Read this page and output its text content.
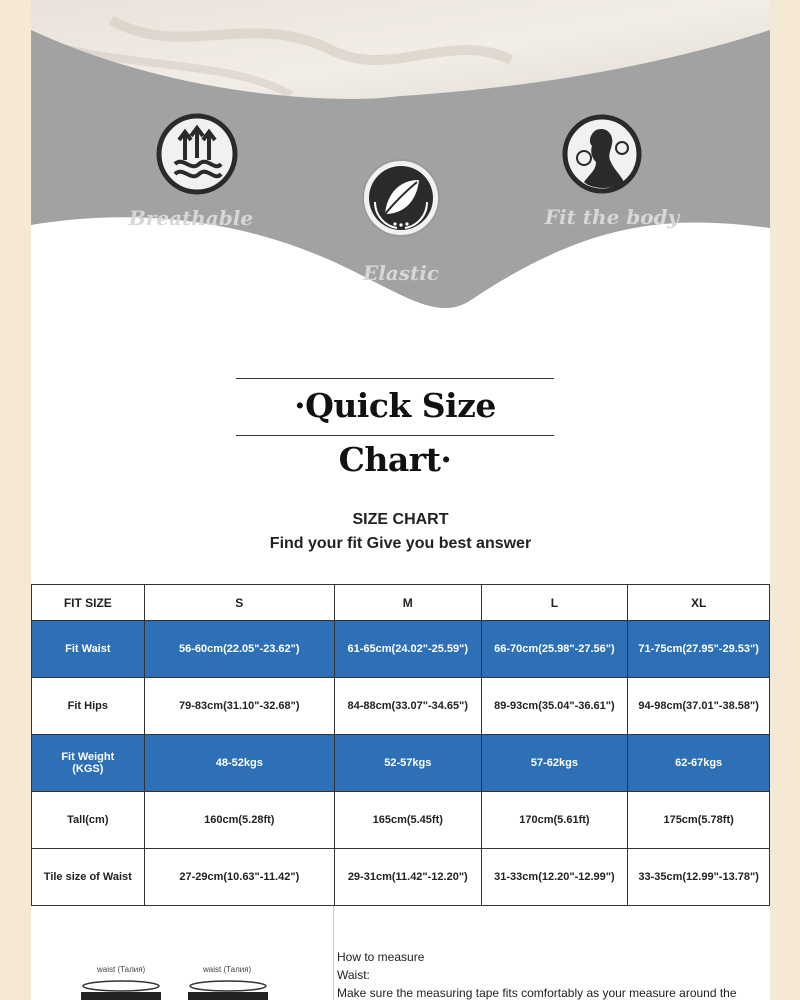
Breathable
Elastic
Fit the body
·Quick Size Chart·
SIZE CHART
Find your fit Give you best answer
FIT SIZE	S	M	L	XL
Fit Waist	56-60cm(22.05"-23.62")	61-65cm(24.02"-25.59")	66-70cm(25.98"-27.56")	71-75cm(27.95"-29.53")
Fit Hips	79-83cm(31.10"-32.68")	84-88cm(33.07"-34.65")	89-93cm(35.04"-36.61")	94-98cm(37.01"-38.58")
Fit Weight (KGS)	48-52kgs	52-57kgs	57-62kgs	62-67kgs
Tall(cm)	160cm(5.28ft)	165cm(5.45ft)	170cm(5.61ft)	175cm(5.78ft)
Tile size of Waist	27-29cm(10.63"-11.42")	29-31cm(11.42"-12.20")	31-33cm(12.20"-12.99")	33-35cm(12.99"-13.78")
waist (Талия)	waist (Талия)
How to measure
Waist:
Make sure the measuring tape fits comfortably as your measure around the
